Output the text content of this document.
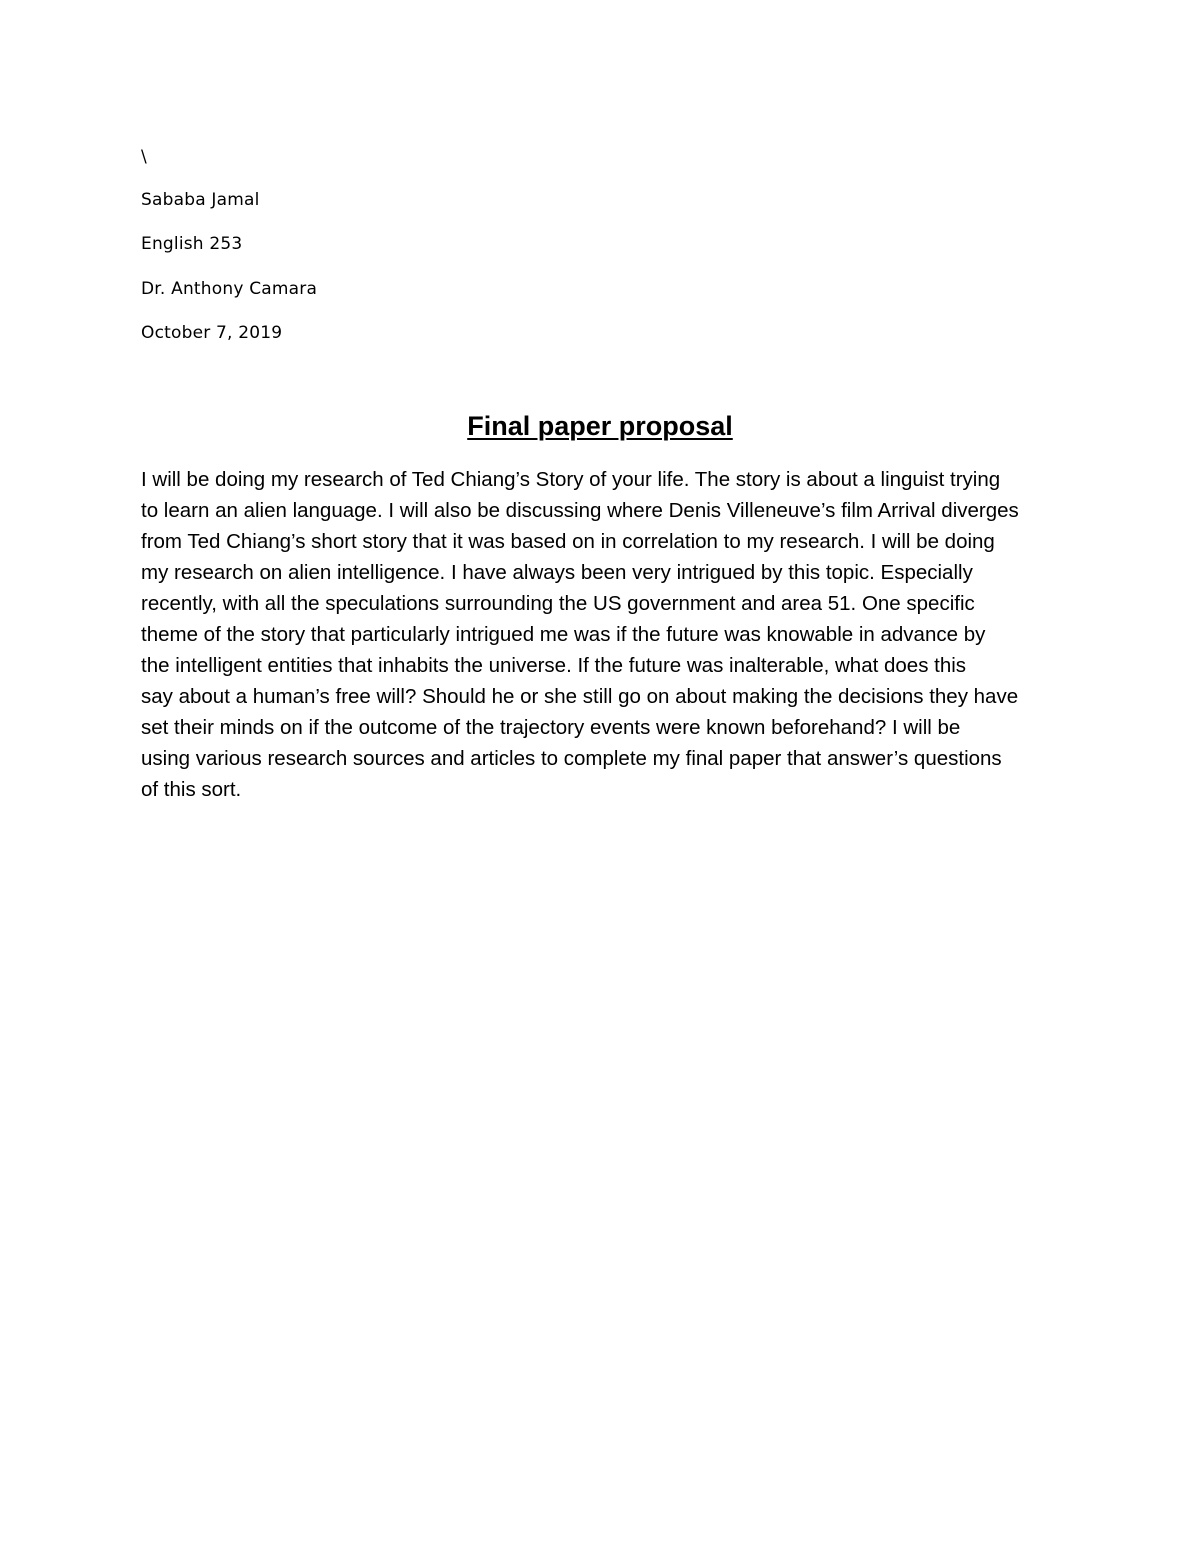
\
Sababa Jamal
English 253
Dr. Anthony Camara
October 7, 2019
Final paper proposal
I will be doing my research of Ted Chiang’s Story of your life. The story is about a linguist trying
to learn an alien language. I will also be discussing where Denis Villeneuve’s film Arrival diverges
from Ted Chiang’s short story that it was based on in correlation to my research. I will be doing
my research on alien intelligence. I have always been very intrigued by this topic. Especially
recently, with all the speculations surrounding the US government and area 51. One specific
theme of the story that particularly intrigued me was if the future was knowable in advance by
the intelligent entities that inhabits the universe. If the future was inalterable, what does this
say about a human’s free will? Should he or she still go on about making the decisions they have
set their minds on if the outcome of the trajectory events were known beforehand? I will be
using various research sources and articles to complete my final paper that answer’s questions
of this sort.
